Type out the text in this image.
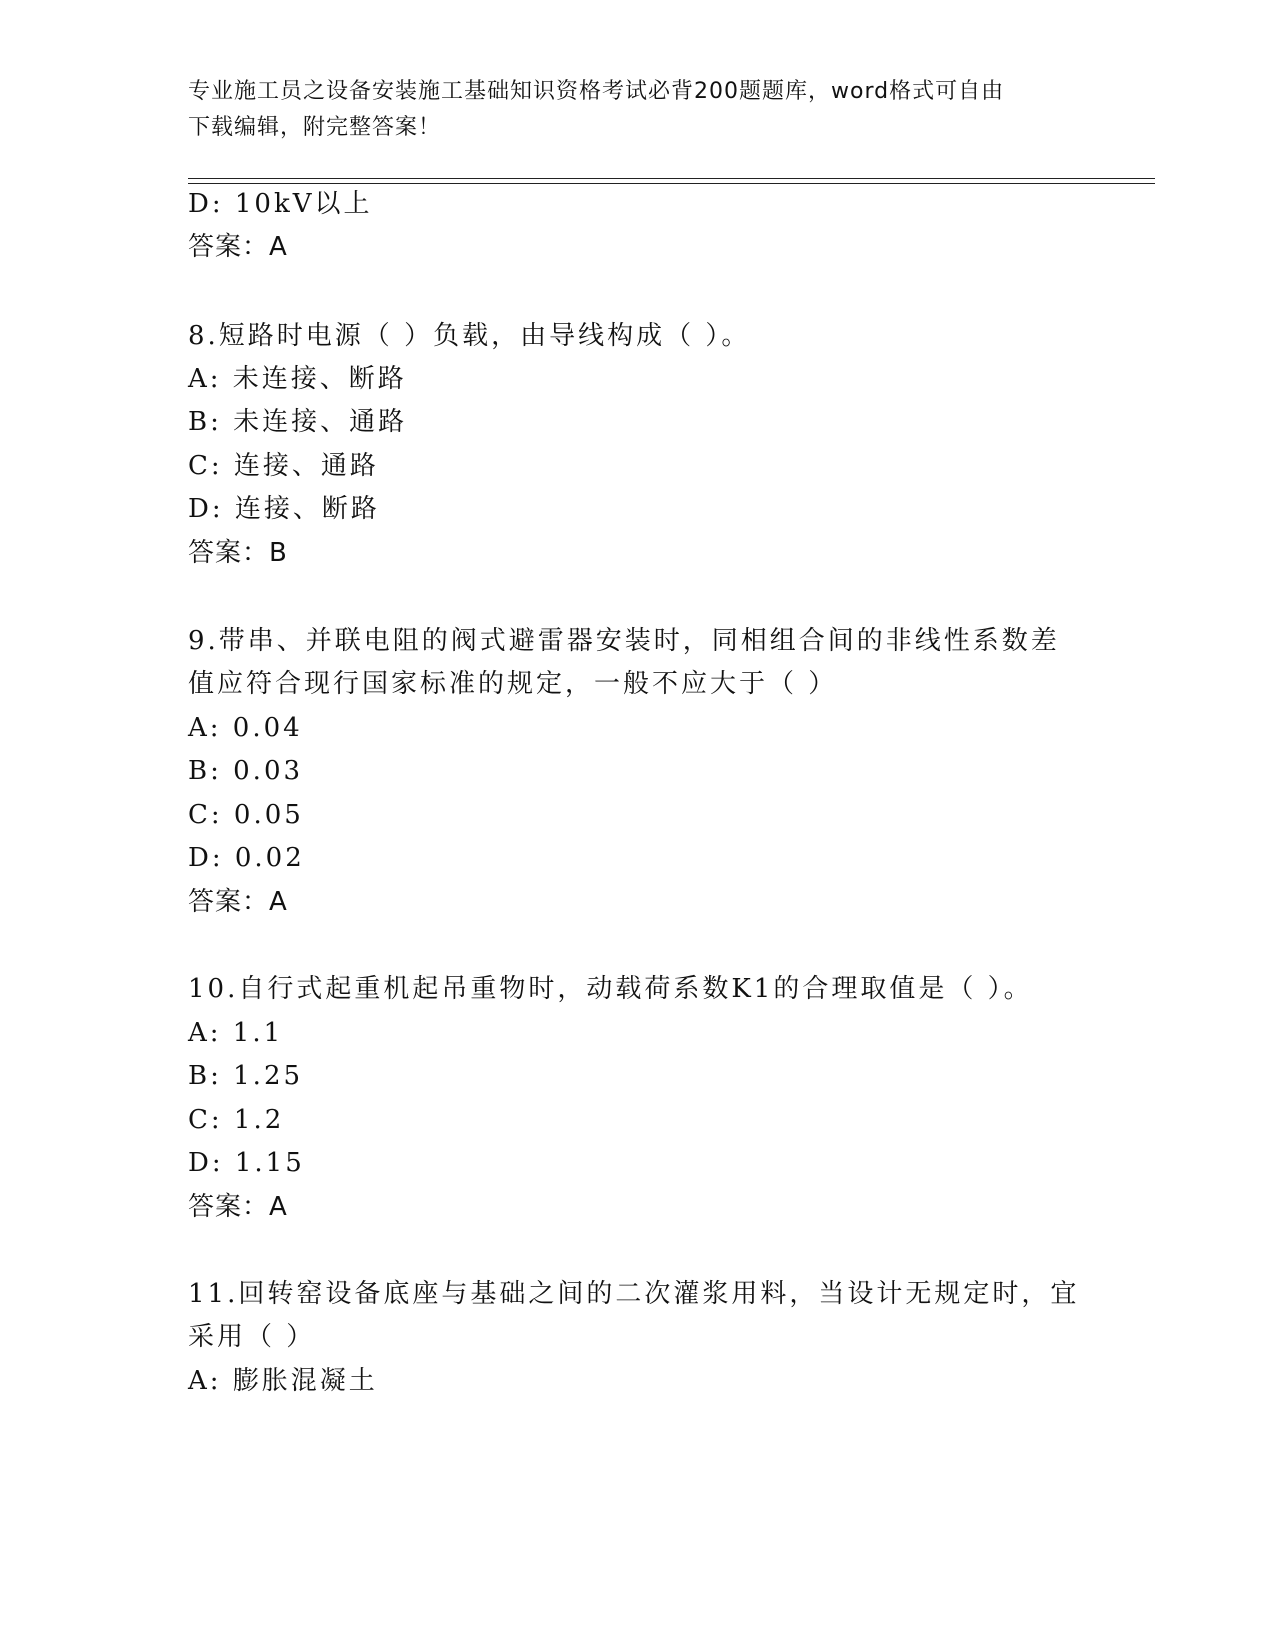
专业施工员之设备安装施工基础知识资格考试必背200题题库，word格式可自由
下载编辑，附完整答案！
D: 10kV以上
答案：A
8.短路时电源（ ）负载，由导线构成（ ）。
A: 未连接、断路
B: 未连接、通路
C: 连接、通路
D: 连接、断路
答案：B
9.带串、并联电阻的阀式避雷器安装时，同相组合间的非线性系数差
值应符合现行国家标准的规定，一般不应大于（ ）
A: 0.04
B: 0.03
C: 0.05
D: 0.02
答案：A
10.自行式起重机起吊重物时，动载荷系数K1的合理取值是（ ）。
A: 1.1
B: 1.25
C: 1.2
D: 1.15
答案：A
11.回转窑设备底座与基础之间的二次灌浆用料，当设计无规定时，宜
采用（ ）
A: 膨胀混凝土
